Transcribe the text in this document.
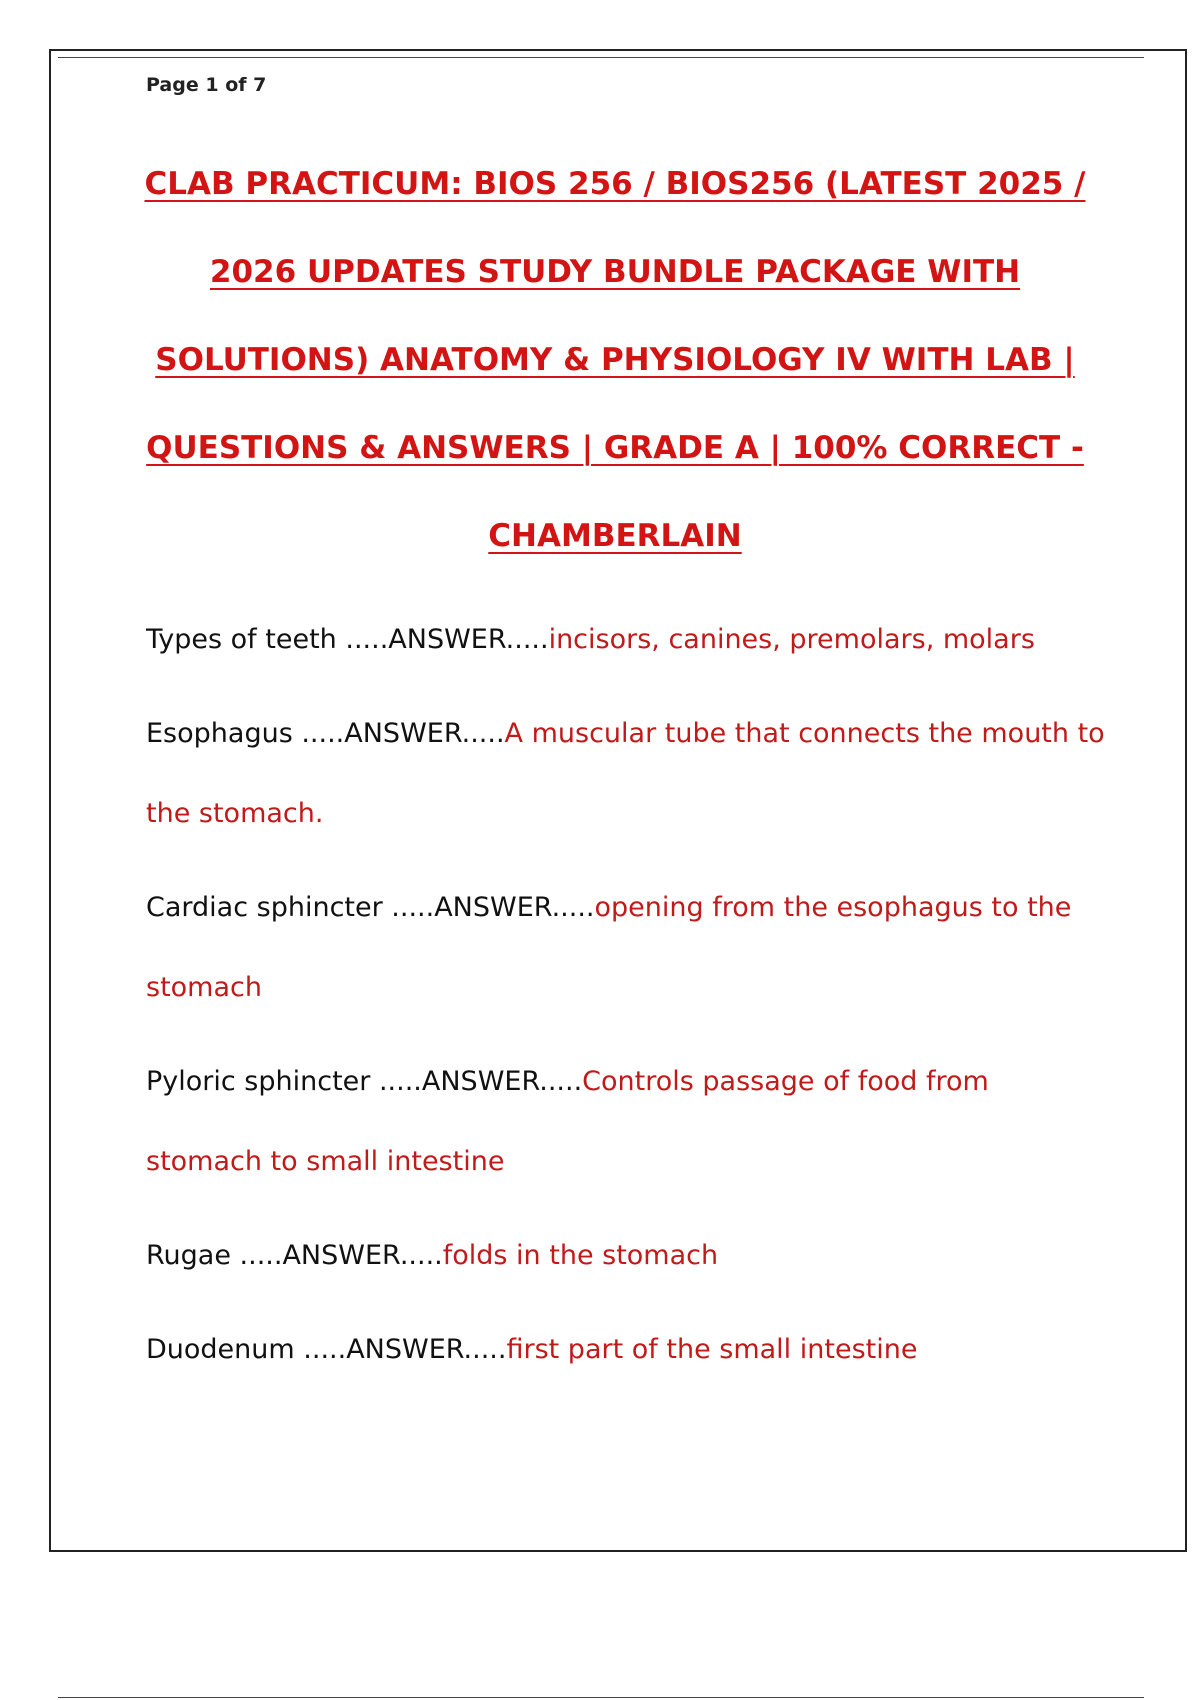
Page 1 of 7
CLAB PRACTICUM: BIOS 256 / BIOS256 (LATEST 2025 / 2026 UPDATES STUDY BUNDLE PACKAGE WITH SOLUTIONS) ANATOMY & PHYSIOLOGY IV WITH LAB | QUESTIONS & ANSWERS | GRADE A | 100% CORRECT - CHAMBERLAIN
Types of teeth .....ANSWER.....incisors, canines, premolars, molars
Esophagus .....ANSWER.....A muscular tube that connects the mouth to the stomach.
Cardiac sphincter .....ANSWER.....opening from the esophagus to the stomach
Pyloric sphincter .....ANSWER.....Controls passage of food from stomach to small intestine
Rugae .....ANSWER.....folds in the stomach
Duodenum .....ANSWER.....first part of the small intestine
